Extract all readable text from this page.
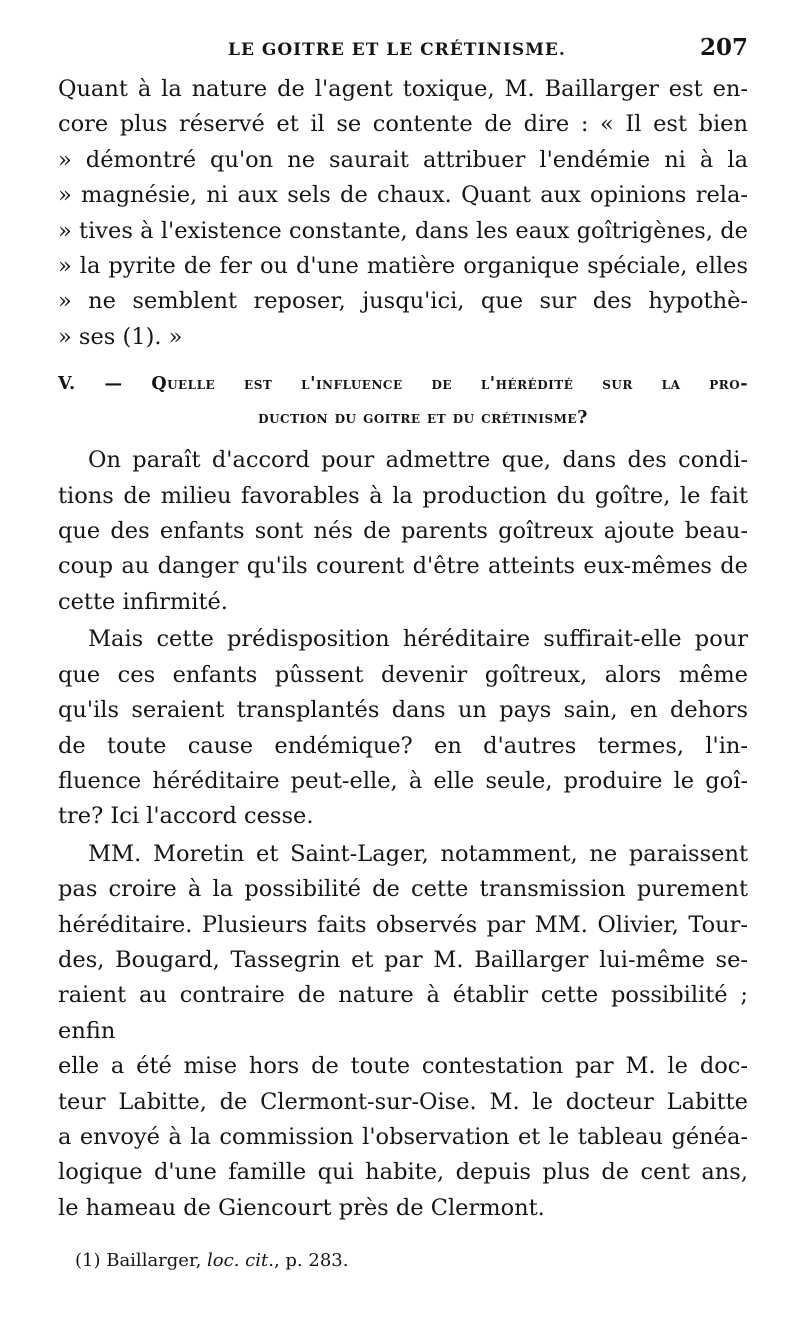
LE GOITRE ET LE CRÉTINISME.	207

Quant à la nature de l'agent toxique, M. Baillarger est en-
core plus réservé et il se contente de dire : « Il est bien
» démontré qu'on ne saurait attribuer l'endémie ni à la
» magnésie, ni aux sels de chaux. Quant aux opinions rela-
» tives à l'existence constante, dans les eaux goîtrigènes, de
» la pyrite de fer ou d'une matière organique spéciale, elles
» ne semblent reposer, jusqu'ici, que sur des hypothè-
» ses (1). »

V. — Quelle est l'influence de l'hérédité sur la pro-
duction du goitre et du crétinisme?

On paraît d'accord pour admettre que, dans des condi-
tions de milieu favorables à la production du goître, le fait
que des enfants sont nés de parents goîtreux ajoute beau-
coup au danger qu'ils courent d'être atteints eux-mêmes de
cette infirmité.

Mais cette prédisposition héréditaire suffirait-elle pour
que ces enfants pûssent devenir goîtreux, alors même
qu'ils seraient transplantés dans un pays sain, en dehors
de toute cause endémique? en d'autres termes, l'in-
fluence héréditaire peut-elle, à elle seule, produire le goî-
tre? Ici l'accord cesse.

MM. Moretin et Saint-Lager, notamment, ne paraissent
pas croire à la possibilité de cette transmission purement
héréditaire. Plusieurs faits observés par MM. Olivier, Tour-
des, Bougard, Tassegrin et par M. Baillarger lui-même se-
raient au contraire de nature à établir cette possibilité ; enfin
elle a été mise hors de toute contestation par M. le doc-
teur Labitte, de Clermont-sur-Oise. M. le docteur Labitte
a envoyé à la commission l'observation et le tableau généa-
logique d'une famille qui habite, depuis plus de cent ans,
le hameau de Giencourt près de Clermont.

(1) Baillarger, loc. cit., p. 283.
